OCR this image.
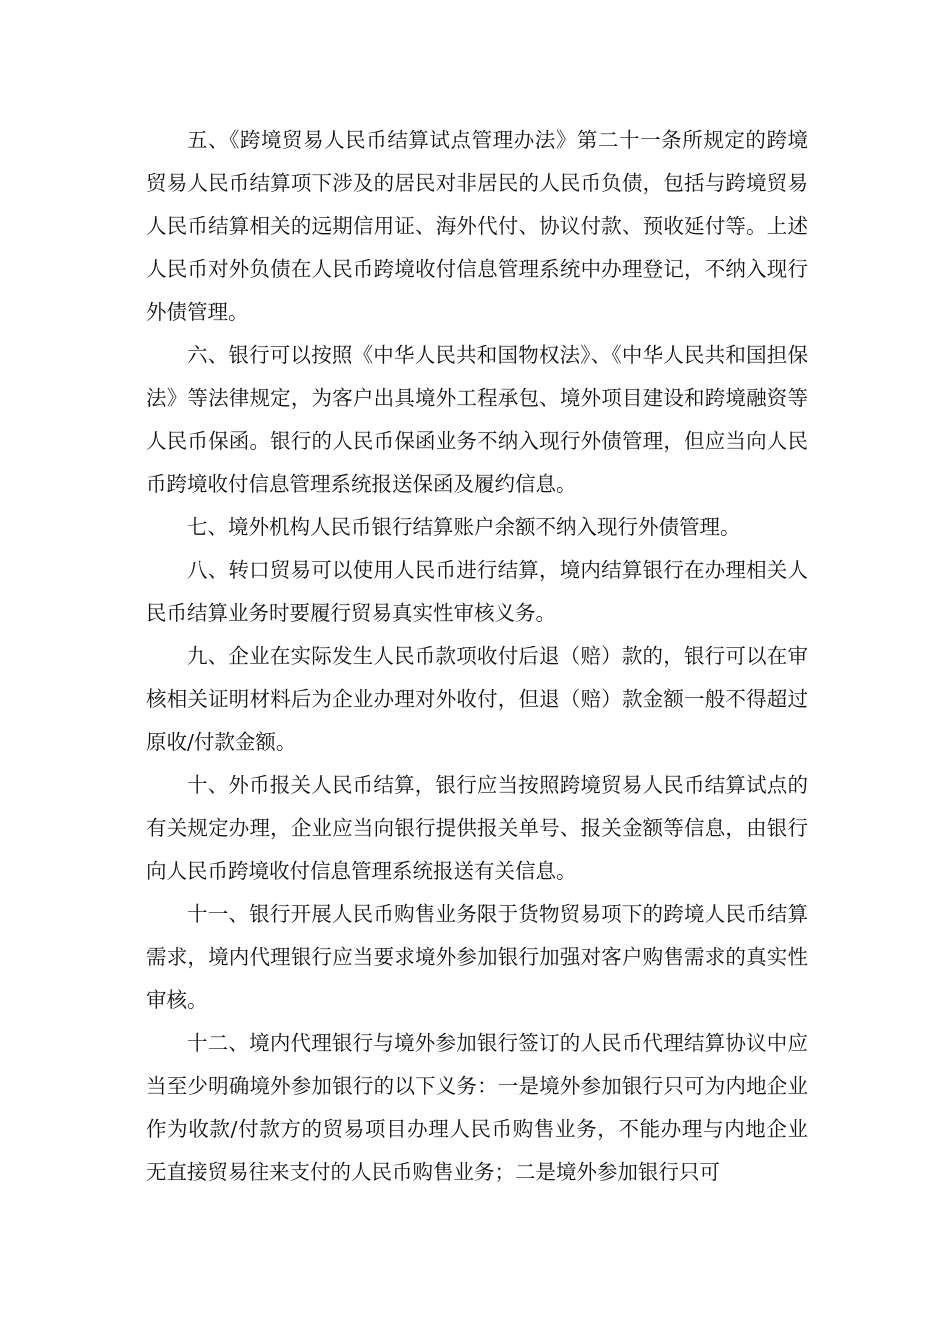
五、《跨境贸易人民币结算试点管理办法》第二十一条所规定的跨境贸易人民币结算项下涉及的居民对非居民的人民币负债，包括与跨境贸易人民币结算相关的远期信用证、海外代付、协议付款、预收延付等。上述人民币对外负债在人民币跨境收付信息管理系统中办理登记，不纳入现行外债管理。

六、银行可以按照《中华人民共和国物权法》、《中华人民共和国担保法》等法律规定，为客户出具境外工程承包、境外项目建设和跨境融资等人民币保函。银行的人民币保函业务不纳入现行外债管理，但应当向人民币跨境收付信息管理系统报送保函及履约信息。

七、境外机构人民币银行结算账户余额不纳入现行外债管理。

八、转口贸易可以使用人民币进行结算，境内结算银行在办理相关人民币结算业务时要履行贸易真实性审核义务。

九、企业在实际发生人民币款项收付后退（赔）款的，银行可以在审核相关证明材料后为企业办理对外收付，但退（赔）款金额一般不得超过原收/付款金额。

十、外币报关人民币结算，银行应当按照跨境贸易人民币结算试点的有关规定办理，企业应当向银行提供报关单号、报关金额等信息，由银行向人民币跨境收付信息管理系统报送有关信息。

十一、银行开展人民币购售业务限于货物贸易项下的跨境人民币结算需求，境内代理银行应当要求境外参加银行加强对客户购售需求的真实性审核。

十二、境内代理银行与境外参加银行签订的人民币代理结算协议中应当至少明确境外参加银行的以下义务：一是境外参加银行只可为内地企业作为收款/付款方的贸易项目办理人民币购售业务，不能办理与内地企业无直接贸易往来支付的人民币购售业务；二是境外参加银行只可
